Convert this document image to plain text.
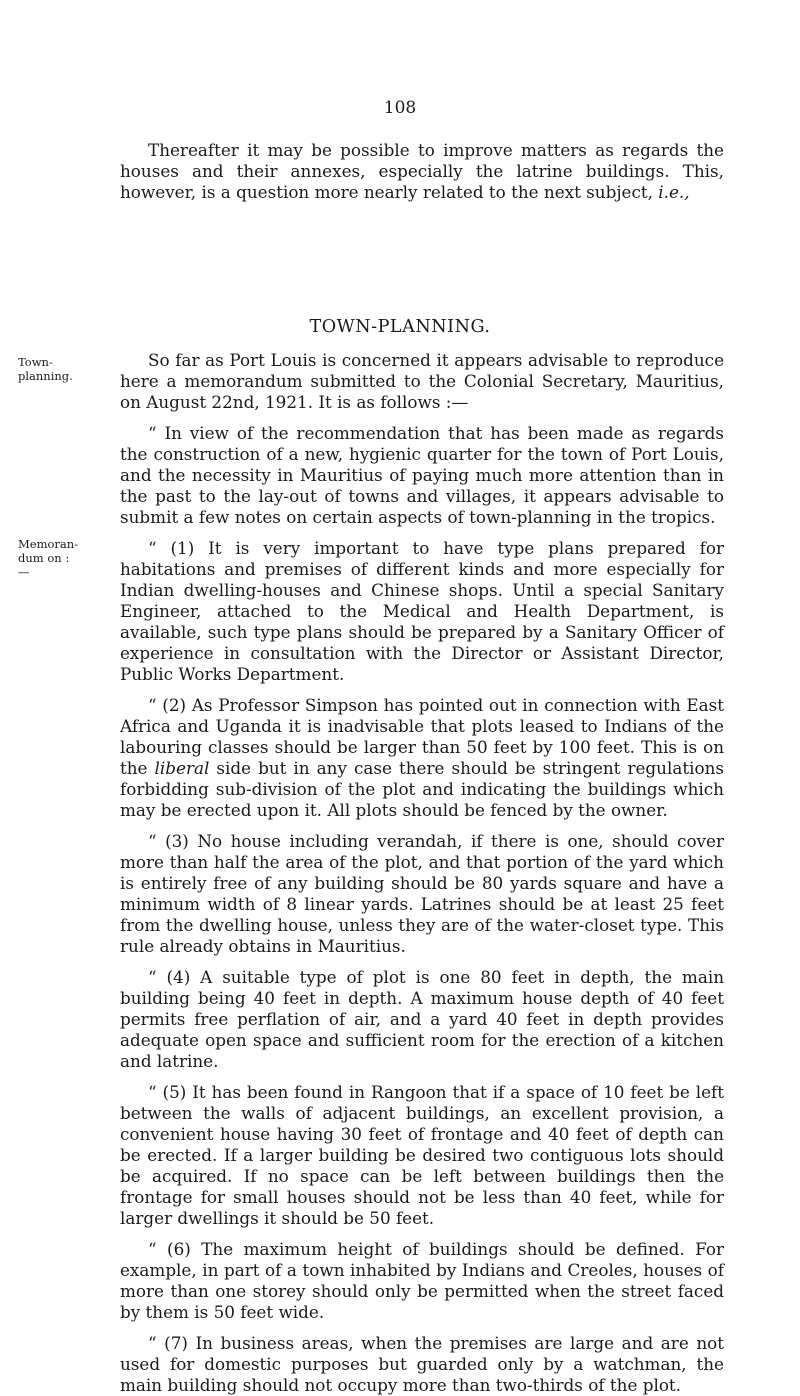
108

Thereafter it may be possible to improve matters as regards the houses and their annexes, especially the latrine buildings. This, however, is a question more nearly related to the next subject, i.e.,

TOWN-PLANNING.
Town-planning.

So far as Port Louis is concerned it appears advisable to reproduce here a memorandum submitted to the Colonial Secretary, Mauritius, on August 22nd, 1921. It is as follows :—

“ In view of the recommendation that has been made as regards the construction of a new, hygienic quarter for the town of Port Louis, and the necessity in Mauritius of paying much more attention than in the past to the lay-out of towns and villages, it appears advisable to submit a few notes on certain aspects of town-planning in the tropics.

Memoran-dum on :—

“ (1) It is very important to have type plans prepared for habitations and premises of different kinds and more especially for Indian dwelling-houses and Chinese shops. Until a special Sanitary Engineer, attached to the Medical and Health Department, is available, such type plans should be prepared by a Sanitary Officer of experience in consultation with the Director or Assistant Director, Public Works Department.

“ (2) As Professor Simpson has pointed out in connection with East Africa and Uganda it is inadvisable that plots leased to Indians of the labouring classes should be larger than 50 feet by 100 feet. This is on the liberal side but in any case there should be stringent regulations forbidding sub-division of the plot and indicating the buildings which may be erected upon it. All plots should be fenced by the owner.

“ (3) No house including verandah, if there is one, should cover more than half the area of the plot, and that portion of the yard which is entirely free of any building should be 80 yards square and have a minimum width of 8 linear yards. Latrines should be at least 25 feet from the dwelling house, unless they are of the water-closet type. This rule already obtains in Mauritius.

“ (4) A suitable type of plot is one 80 feet in depth, the main building being 40 feet in depth. A maximum house depth of 40 feet permits free perflation of air, and a yard 40 feet in depth provides adequate open space and sufficient room for the erection of a kitchen and latrine.

“ (5) It has been found in Rangoon that if a space of 10 feet be left between the walls of adjacent buildings, an excellent provision, a convenient house having 30 feet of frontage and 40 feet of depth can be erected. If a larger building be desired two contiguous lots should be acquired. If no space can be left between buildings then the frontage for small houses should not be less than 40 feet, while for larger dwellings it should be 50 feet.

“ (6) The maximum height of buildings should be defined. For example, in part of a town inhabited by Indians and Creoles, houses of more than one storey should only be permitted when the street faced by them is 50 feet wide.

“ (7) In business areas, when the premises are large and are not used for domestic purposes but guarded only by a watchman, the main building should not occupy more than two-thirds of the plot.
